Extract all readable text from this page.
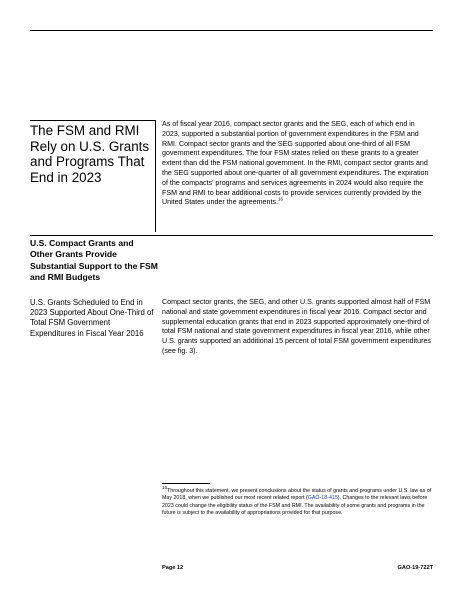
The FSM and RMI Rely on U.S. Grants and Programs That End in 2023

As of fiscal year 2016, compact sector grants and the SEG, each of which end in 2023, supported a substantial portion of government expenditures in the FSM and RMI. Compact sector grants and the SEG supported about one-third of all FSM government expenditures. The four FSM states relied on these grants to a greater extent than did the FSM national government. In the RMI, compact sector grants and the SEG supported about one-quarter of all government expenditures. The expiration of the compacts' programs and services agreements in 2024 would also require the FSM and RMI to bear additional costs to provide services currently provided by the United States under the agreements.$^{16}$

U.S. Compact Grants and Other Grants Provide Substantial Support to the FSM and RMI Budgets

U.S. Grants Scheduled to End in 2023 Supported About One-Third of Total FSM Government Expenditures in Fiscal Year 2016

Compact sector grants, the SEG, and other U.S. grants supported almost half of FSM national and state government expenditures in fiscal year 2016. Compact sector and supplemental education grants that end in 2023 supported approximately one-third of total FSM national and state government expenditures in fiscal year 2016, while other U.S. grants supported an additional 15 percent of total FSM government expenditures (see fig. 3).

$^{16}$Throughout this statement, we present conclusions about the status of grants and programs under U.S. law as of May 2018, when we published our most recent related report (GAO-18-415). Changes to the relevant laws before 2023 could change the eligibility status of the FSM and RMI. The availability of some grants and programs in the future is subject to the availability of appropriations provided for that purpose.

Page 12	GAO-19-722T
